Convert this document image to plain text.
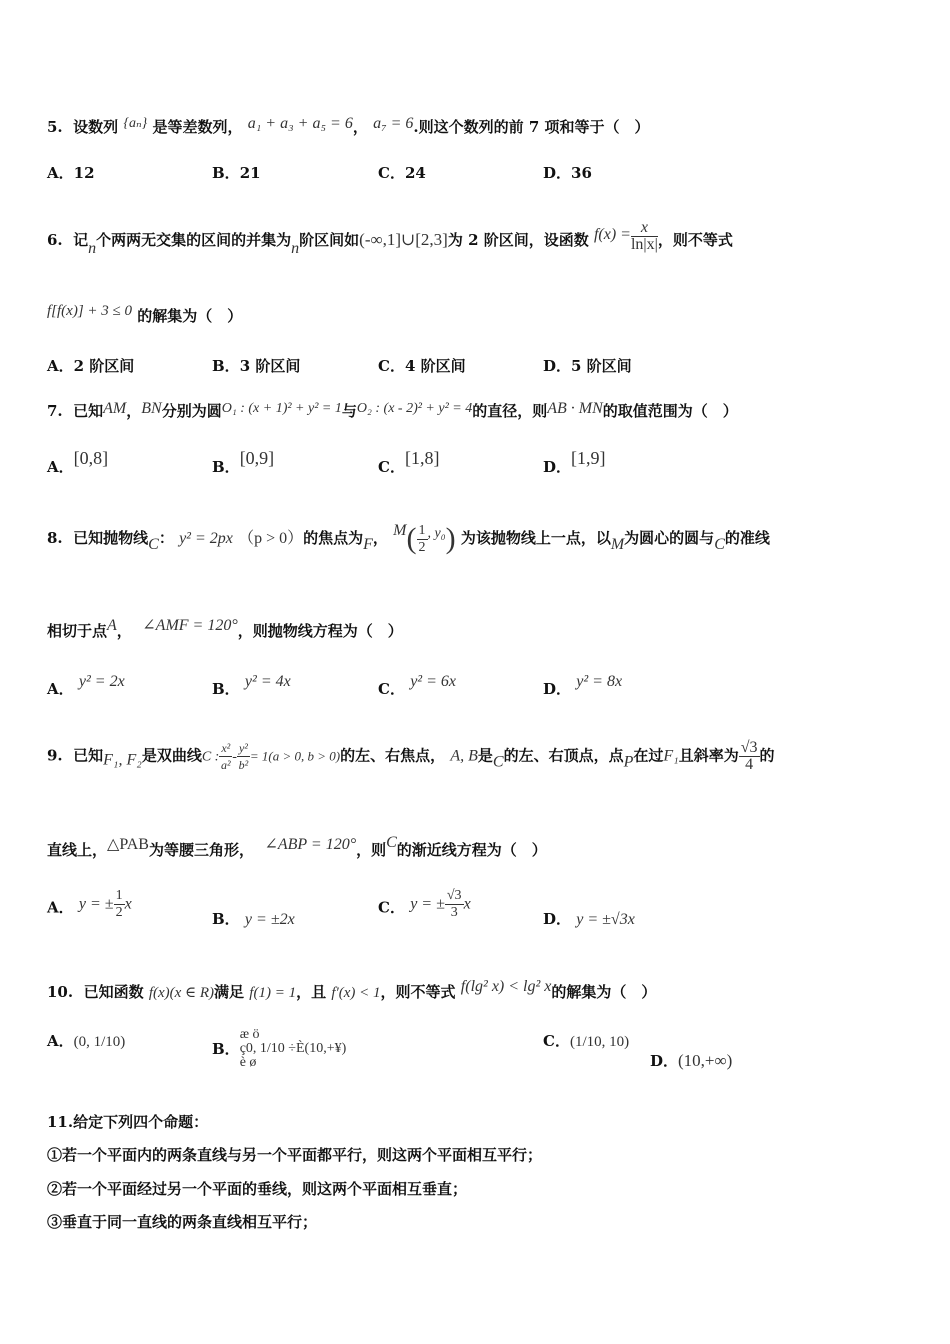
5. 设数列 {aₙ} 是等差数列， a₁ + a₃ + a₅ = 6， a₇ = 6.则这个数列的前 7 项和等于（　）
A．12	B．21	C．24	D．36
6. 记n个两两无交集的区间的并集为n阶区间如(-∞,1]∪[2,3]为 2 阶区间，设函数 $f(x) = \frac{x}{\ln|x|}$ ，则不等式
f[f(x)] + 3 ≤ 0 的解集为（　）
A．2 阶区间	B．3 阶区间	C．4 阶区间	D．5 阶区间
7. 已知AM，BN分别为圆O₁ : (x + 1)² + y² = 1与O₂ : (x - 2)² + y² = 4的直径，则AB · MN的取值范围为（　）
A．[0,8]	B．[0,9]	C．[1,8]	D．[1,9]
8. 已知抛物线C： y² = 2px （p > 0）的焦点为F， $M( \frac{1}{2}$ , y₀) 为该抛物线上一点，以M为圆心的圆与C的准线
相切于点A， ∠AMF = 120°，则抛物线方程为（　）
A． y² = 2x	B． y² = 4x	C． y² = 6x	D． y² = 8x
9. 已知F₁, F₂是双曲线C : $\frac{\text{x²}}{\text{a²}} - \frac{\text{y²}}{\text{b²}} = 1(a > 0$, b > 0)的左、右焦点， A, B是C的左、右顶点，点P在过F₁且斜率为 $\frac{√3}{4}$ 的
直线上，△PAB为等腰三角形， ∠ABP = 120°，则C的渐近线方程为（　）
A． y = ± $\frac{1}{2}$ x
B． y = ±2x
C． y = ± $\frac{√3}{3}$ x
D． y = ±√3x
10. 已知函数 f(x)(x ∈ R)满足 f(1) = 1，且 f′(x) < 1，则不等式 f(lg² x) < lg² x的解集为（　）
A．(0, 1/10)	B．
æ ö
ç0, 1/10 ÷È(10,+¥)
è ø
C．(1/10, 10)
D．(10,+∞)
11.给定下列四个命题：
①若一个平面内的两条直线与另一个平面都平行，则这两个平面相互平行；
②若一个平面经过另一个平面的垂线，则这两个平面相互垂直；
③垂直于同一直线的两条直线相互平行；
